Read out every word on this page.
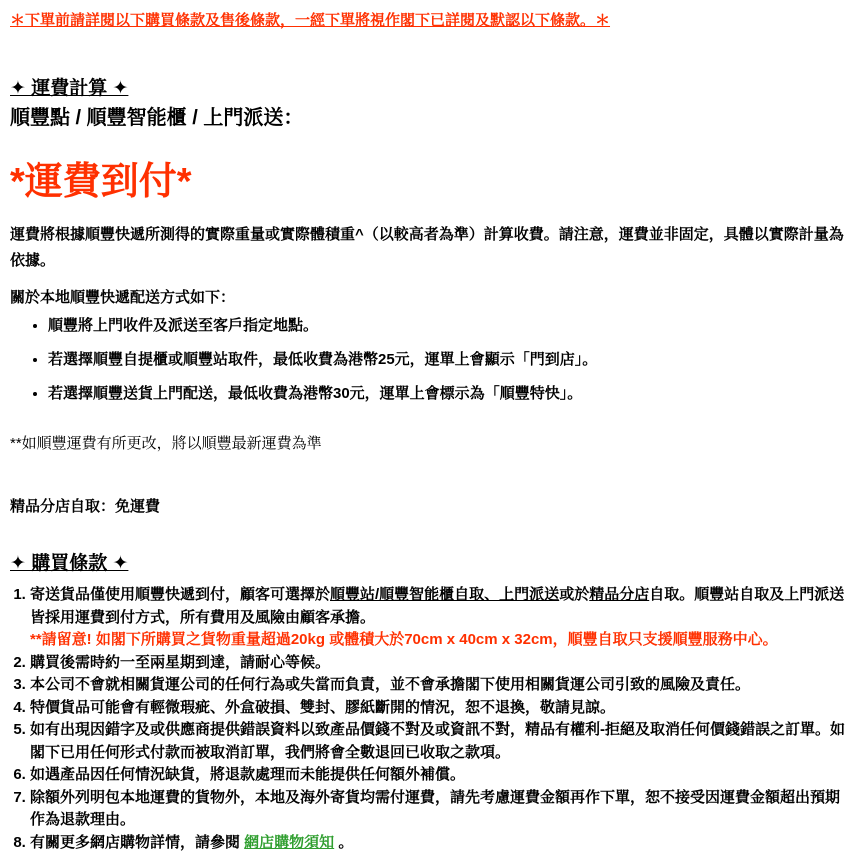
＊下單前請詳閱以下購買條款及售後條款，一經下單將視作閣下已詳閱及默認以下條款。＊

✦ 運費計算 ✦
順豐點 / 順豐智能櫃 / 上門派送：
*運費到付*

運費將根據順豐快遞所測得的實際重量或實際體積重^（以較高者為準）計算收費。請注意，運費並非固定，具體以實際計量為依據。

關於本地順豐快遞配送方式如下：

• 順豐將上門收件及派送至客戶指定地點。
• 若選擇順豐自提櫃或順豐站取件，最低收費為港幣25元，運單上會顯示「門到店」。
• 若選擇順豐送貨上門配送，最低收費為港幣30元，運單上會標示為「順豐特快」。

**如順豐運費有所更改，將以順豐最新運費為準

精品分店自取：免運費

✦ 購買條款 ✦
1. 寄送貨品僅使用順豐快遞到付，顧客可選擇於順豐站/順豐智能櫃自取、上門派送或於精品分店自取。順豐站自取及上門派送皆採用運費到付方式，所有費用及風險由顧客承擔。
**請留意! 如閣下所購買之貨物重量超過20kg 或體積大於70cm x 40cm x 32cm，順豐自取只支援順豐服務中心。
2. 購買後需時約一至兩星期到達，請耐心等候。
3. 本公司不會就相關貨運公司的任何行為或失當而負責，並不會承擔閣下使用相關貨運公司引致的風險及責任。
4. 特價貨品可能會有輕微瑕疵、外盒破損、雙封、膠紙斷開的情況，恕不退換，敬請見諒。
5. 如有出現因錯字及或供應商提供錯誤資料以致產品價錢不對及或資訊不對，精品有權利-拒絕及取消任何價錢錯誤之訂單。如閣下已用任何形式付款而被取消訂單，我們將會全數退回已收取之款項。
6. 如遇產品因任何情況缺貨，將退款處理而未能提供任何額外補償。
7. 除額外列明包本地運費的貨物外，本地及海外寄貨均需付運費，請先考慮運費金額再作下單，恕不接受因運費金額超出預期作為退款理由。
8. 有關更多網店購物詳情，請參閱 網店購物須知 。
